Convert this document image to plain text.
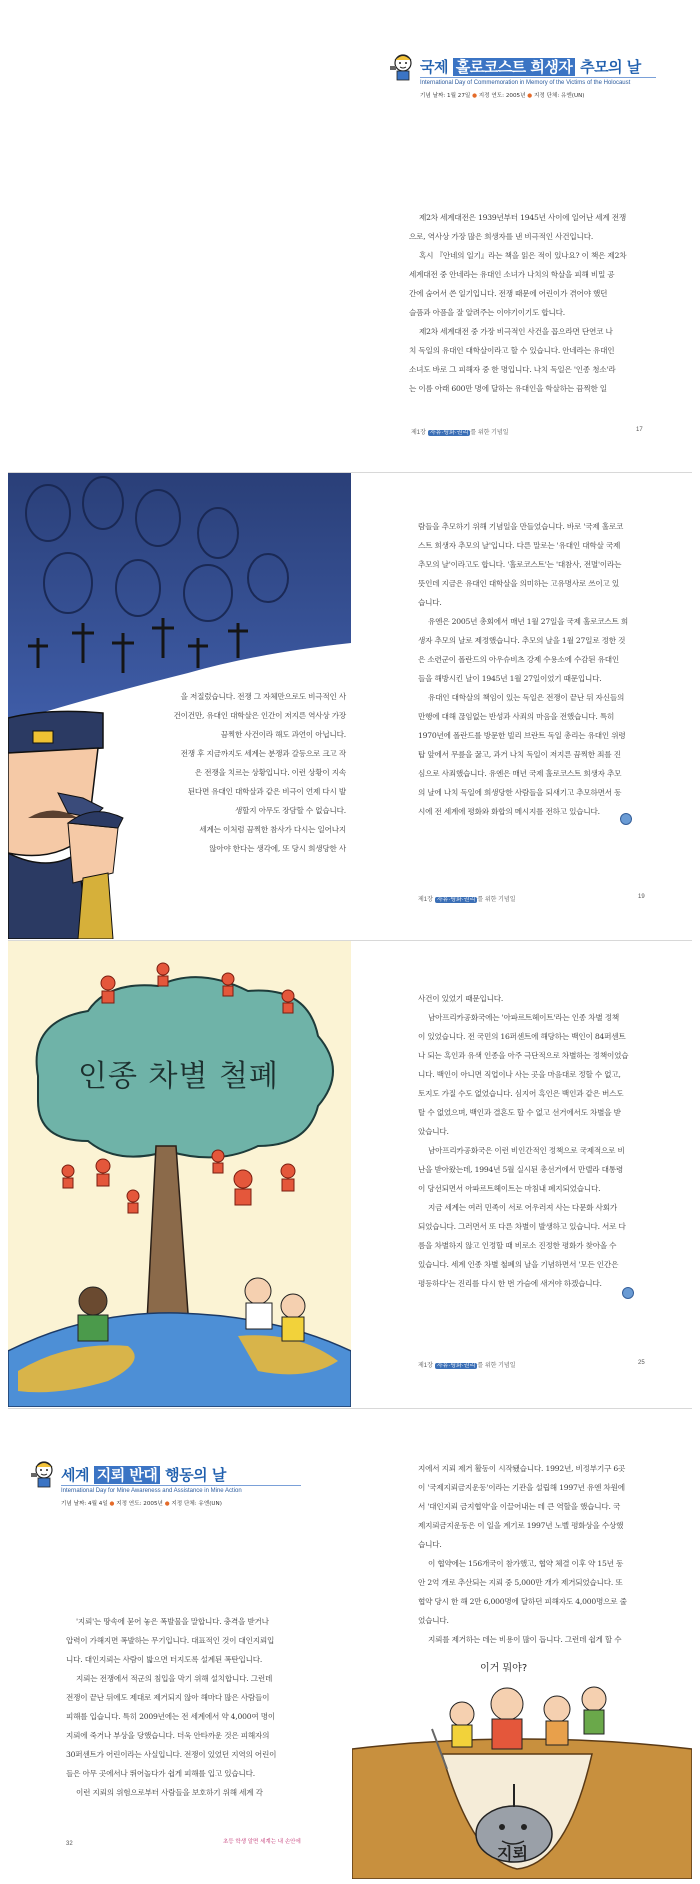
국제 홀로코스트 희생자 추모의 날
International Day of Commemoration in Memory of the Victims of the Holocaust
기념 날짜: 1월 27일 ● 지정 연도: 2005년 ● 지정 단체: 유엔(UN)

제2차 세계대전은 1939년부터 1945년 사이에 일어난 세계 전쟁

으로, 역사상 가장 많은 희생자를 낸 비극적인 사건입니다.

혹시 『안네의 일기』라는 책을 읽은 적이 있나요? 이 책은 제2차

세계대전 중 안네라는 유대인 소녀가 나치의 학살을 피해 비밀 공

간에 숨어서 쓴 일기입니다. 전쟁 때문에 어린이가 겪어야 했던

슬픔과 아픔을 잘 알려주는 이야기이기도 합니다.

제2차 세계대전 중 가장 비극적인 사건을 꼽으라면 단연코 나

치 독일의 유대인 대학살이라고 할 수 있습니다. 안네라는 유대인

소녀도 바로 그 피해자 중 한 명입니다. 나치 독일은 '인종 청소'라

는 이름 아래 600만 명에 달하는 유대인을 학살하는 끔찍한 일

제1장 자유·평화·권리 를 위한 기념일	17

을 저질렀습니다. 전쟁 그 자체만으로도 비극적인 사

건이건만, 유대인 대학살은 인간이 저지른 역사상 가장

끔찍한 사건이라 해도 과언이 아닙니다.

전쟁 후 지금까지도 세계는 분쟁과 갈등으로 크고 작

은 전쟁을 치르는 상황입니다. 이런 상황이 지속

된다면 유대인 대학살과 같은 비극이 언제 다시 발

생할지 아무도 장담할 수 없습니다.

세계는 이처럼 끔찍한 참사가 다시는 일어나지

않아야 한다는 생각에, 또 당시 희생당한 사

람들을 추모하기 위해 기념일을 만들었습니다. 바로 '국제 홀로코

스트 희생자 추모의 날'입니다. 다른 말로는 '유대인 대학살 국제

추모의 날'이라고도 합니다. '홀로코스트'는 '대참사, 전멸'이라는

뜻인데 지금은 유대인 대학살을 의미하는 고유명사로 쓰이고 있

습니다.

유엔은 2005년 총회에서 매년 1월 27일을 국제 홀로코스트 희

생자 추모의 날로 제정했습니다. 추모의 날을 1월 27일로 정한 것

은 소련군이 폴란드의 아우슈비츠 강제 수용소에 수감된 유대인

들을 해방시킨 날이 1945년 1월 27일이었기 때문입니다.

유대인 대학살의 책임이 있는 독일은 전쟁이 끝난 뒤 자신들의

만행에 대해 끊임없는 반성과 사죄의 마음을 전했습니다. 특히

1970년에 폴란드를 방문한 빌리 브란트 독일 총리는 유대인 위령

탑 앞에서 무릎을 꿇고, 과거 나치 독일이 저지른 끔찍한 죄를 진

심으로 사죄했습니다. 유엔은 매년 국제 홀로코스트 희생자 추모

의 날에 나치 독일에 희생당한 사람들을 되새기고 추모하면서 동

시에 전 세계에 평화와 화합의 메시지를 전하고 있습니다.

제1장 자유·평화·권리 를 위한 기념일	19
인종 차별 철폐

사건이 있었기 때문입니다.

남아프리카공화국에는 '아파르트헤이트'라는 인종 차별 정책

이 있었습니다. 전 국민의 16퍼센트에 해당하는 백인이 84퍼센트

나 되는 흑인과 유색 인종을 아주 극단적으로 차별하는 정책이었습

니다. 백인이 아니면 직업이나 사는 곳을 마음대로 정할 수 없고,

토지도 가질 수도 없었습니다. 심지어 흑인은 백인과 같은 버스도

탈 수 없었으며, 백인과 결혼도 할 수 없고 선거에서도 차별을 받

았습니다.

남아프리카공화국은 이런 비인간적인 정책으로 국제적으로 비

난을 받아왔는데, 1994년 5월 실시된 총선거에서 만델라 대통령

이 당선되면서 아파르트헤이트는 마침내 폐지되었습니다.

지금 세계는 여러 민족이 서로 어우러져 사는 다문화 사회가

되었습니다. 그러면서 또 다른 차별이 발생하고 있습니다. 서로 다

름을 차별하지 않고 인정할 때 비로소 진정한 평화가 찾아올 수

있습니다. 세계 인종 차별 철폐의 날을 기념하면서 '모든 인간은

평등하다'는 진리를 다시 한 번 가슴에 새겨야 하겠습니다.

제1장 자유·평화·권리 를 위한 기념일	25
세계 지뢰 반대 행동의 날
International Day for Mine Awareness and Assistance in Mine Action
기념 날짜: 4월 4일 ● 지정 연도: 2005년 ● 지정 단체: 유엔(UN)

'지뢰'는 땅속에 묻어 놓은 폭발물을 말합니다. 충격을 받거나

압력이 가해지면 폭발하는 무기입니다. 대표적인 것이 대인지뢰입

니다. 대인지뢰는 사람이 밟으면 터지도록 설계된 폭탄입니다.

지뢰는 전쟁에서 적군의 침입을 막기 위해 설치합니다. 그런데

전쟁이 끝난 뒤에도 제대로 제거되지 않아 해마다 많은 사람들이

피해를 입습니다. 특히 2009년에는 전 세계에서 약 4,000여 명이

지뢰에 죽거나 부상을 당했습니다. 더욱 안타까운 것은 피해자의

30퍼센트가 어린이라는 사실입니다. 전쟁이 있었던 지역의 어린이

들은 아무 곳에서나 뛰어놀다가 쉽게 피해를 입고 있습니다.

이런 지뢰의 위험으로부터 사람들을 보호하기 위해 세계 각

지에서 지뢰 제거 활동이 시작됐습니다. 1992년, 비정부기구 6곳

이 '국제지뢰금지운동'이라는 기관을 설립해 1997년 유엔 차원에

서 '대인지뢰 금지협약'을 이끌어내는 데 큰 역할을 했습니다. 국

제지뢰금지운동은 이 일을 계기로 1997년 노벨 평화상을 수상했

습니다.

이 협약에는 156개국이 참가했고, 협약 체결 이후 약 15년 동

안 2억 개로 추산되는 지뢰 중 5,000만 개가 제거되었습니다. 또

협약 당시 한 해 2만 6,000명에 달하던 피해자도 4,000명으로 줄

었습니다.

지뢰를 제거하는 데는 비용이 많이 듭니다. 그런데 쉽게 할 수

이거 뭐야?
지뢰
32	초등 학생 알면 세계는 내 손안에
